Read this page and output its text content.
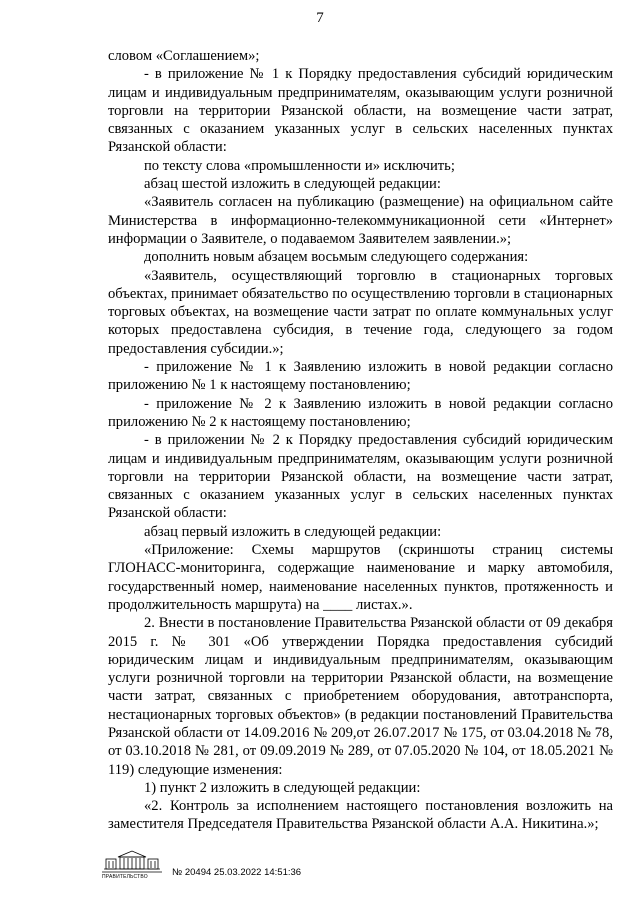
7

словом «Соглашением»;

- в приложение № 1 к Порядку предоставления субсидий юридическим лицам и индивидуальным предпринимателям, оказывающим услуги розничной торговли на территории Рязанской области, на возмещение части затрат, связанных с оказанием указанных услуг в сельских населенных пунктах Рязанской области:

по тексту слова «промышленности и» исключить;

абзац шестой изложить в следующей редакции:

«Заявитель согласен на публикацию (размещение) на официальном сайте Министерства в информационно-телекоммуникационной сети «Интернет» информации о Заявителе, о подаваемом Заявителем заявлении.»;

дополнить новым абзацем восьмым следующего содержания:

«Заявитель, осуществляющий торговлю в стационарных торговых объектах, принимает обязательство по осуществлению торговли в стационарных торговых объектах, на возмещение части затрат по оплате коммунальных услуг которых предоставлена субсидия, в течение года, следующего за годом предоставления субсидии.»;

- приложение № 1 к Заявлению изложить в новой редакции согласно приложению № 1 к настоящему постановлению;

- приложение № 2 к Заявлению изложить в новой редакции согласно приложению № 2 к настоящему постановлению;

- в приложении № 2 к Порядку предоставления субсидий юридическим лицам и индивидуальным предпринимателям, оказывающим услуги розничной торговли на территории Рязанской области, на возмещение части затрат, связанных с оказанием указанных услуг в сельских населенных пунктах Рязанской области:

абзац первый изложить в следующей редакции:

«Приложение: Схемы маршрутов (скриншоты страниц системы ГЛОНАСС-мониторинга, содержащие наименование и марку автомобиля, государственный номер, наименование населенных пунктов, протяженность и продолжительность маршрута) на ____ листах.».

2. Внести в постановление Правительства Рязанской области от 09 декабря 2015 г. № 301 «Об утверждении Порядка предоставления субсидий юридическим лицам и индивидуальным предпринимателям, оказывающим услуги розничной торговли на территории Рязанской области, на возмещение части затрат, связанных с приобретением оборудования, автотранспорта, нестационарных торговых объектов» (в редакции постановлений Правительства Рязанской области от 14.09.2016 № 209,от 26.07.2017 № 175, от 03.04.2018 № 78, от 03.10.2018 № 281, от 09.09.2019 № 289, от 07.05.2020 № 104, от 18.05.2021 № 119) следующие изменения:

1) пункт 2 изложить в следующей редакции:

«2. Контроль за исполнением настоящего постановления возложить на заместителя Председателя Правительства Рязанской области А.А. Никитина.»;

ПРАВИТЕЛЬСТВО	№ 20494 25.03.2022 14:51:36
